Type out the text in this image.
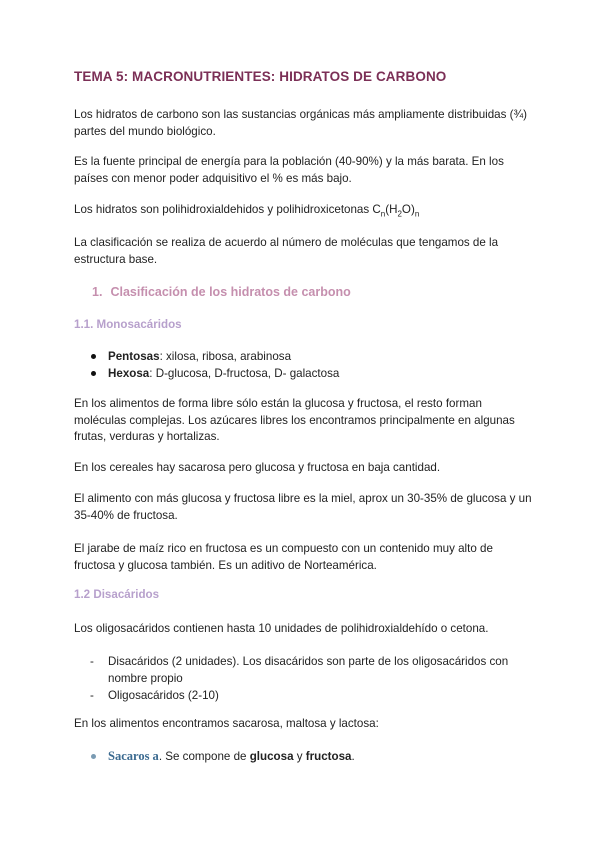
TEMA 5: MACRONUTRIENTES: HIDRATOS DE CARBONO
Los hidratos de carbono son las sustancias orgánicas más ampliamente distribuidas (¾) partes del mundo biológico.
Es la fuente principal de energía para la población (40-90%) y la más barata. En los países con menor poder adquisitivo el % es más bajo.
Los hidratos son polihidroxialdehidos y polihidroxicetonas $C_n(H_2O)_n$
La clasificación se realiza de acuerdo al número de moléculas que tengamos de la estructura base.
1. Clasificación de los hidratos de carbono
1.1. Monosacáridos
Pentosas: xilosa, ribosa, arabinosa
Hexosa: D-glucosa, D-fructosa, D- galactosa
En los alimentos de forma libre sólo están la glucosa y fructosa, el resto forman moléculas complejas. Los azúcares libres los encontramos principalmente en algunas frutas, verduras y hortalizas.
En los cereales hay sacarosa pero glucosa y fructosa en baja cantidad.
El alimento con más glucosa y fructosa libre es la miel, aprox un 30-35% de glucosa y un 35-40% de fructosa.
El jarabe de maíz rico en fructosa es un compuesto con un contenido muy alto de fructosa y glucosa también. Es un aditivo de Norteamérica.
1.2 Disacáridos
Los oligosacáridos contienen hasta 10 unidades de polihidroxialdehído o cetona.
- Disacáridos (2 unidades). Los disacáridos son parte de los oligosacáridos con nombre propio
- Oligosacáridos (2-10)
En los alimentos encontramos sacarosa, maltosa y lactosa:
Sacaros a. Se compone de glucosa y fructosa.
